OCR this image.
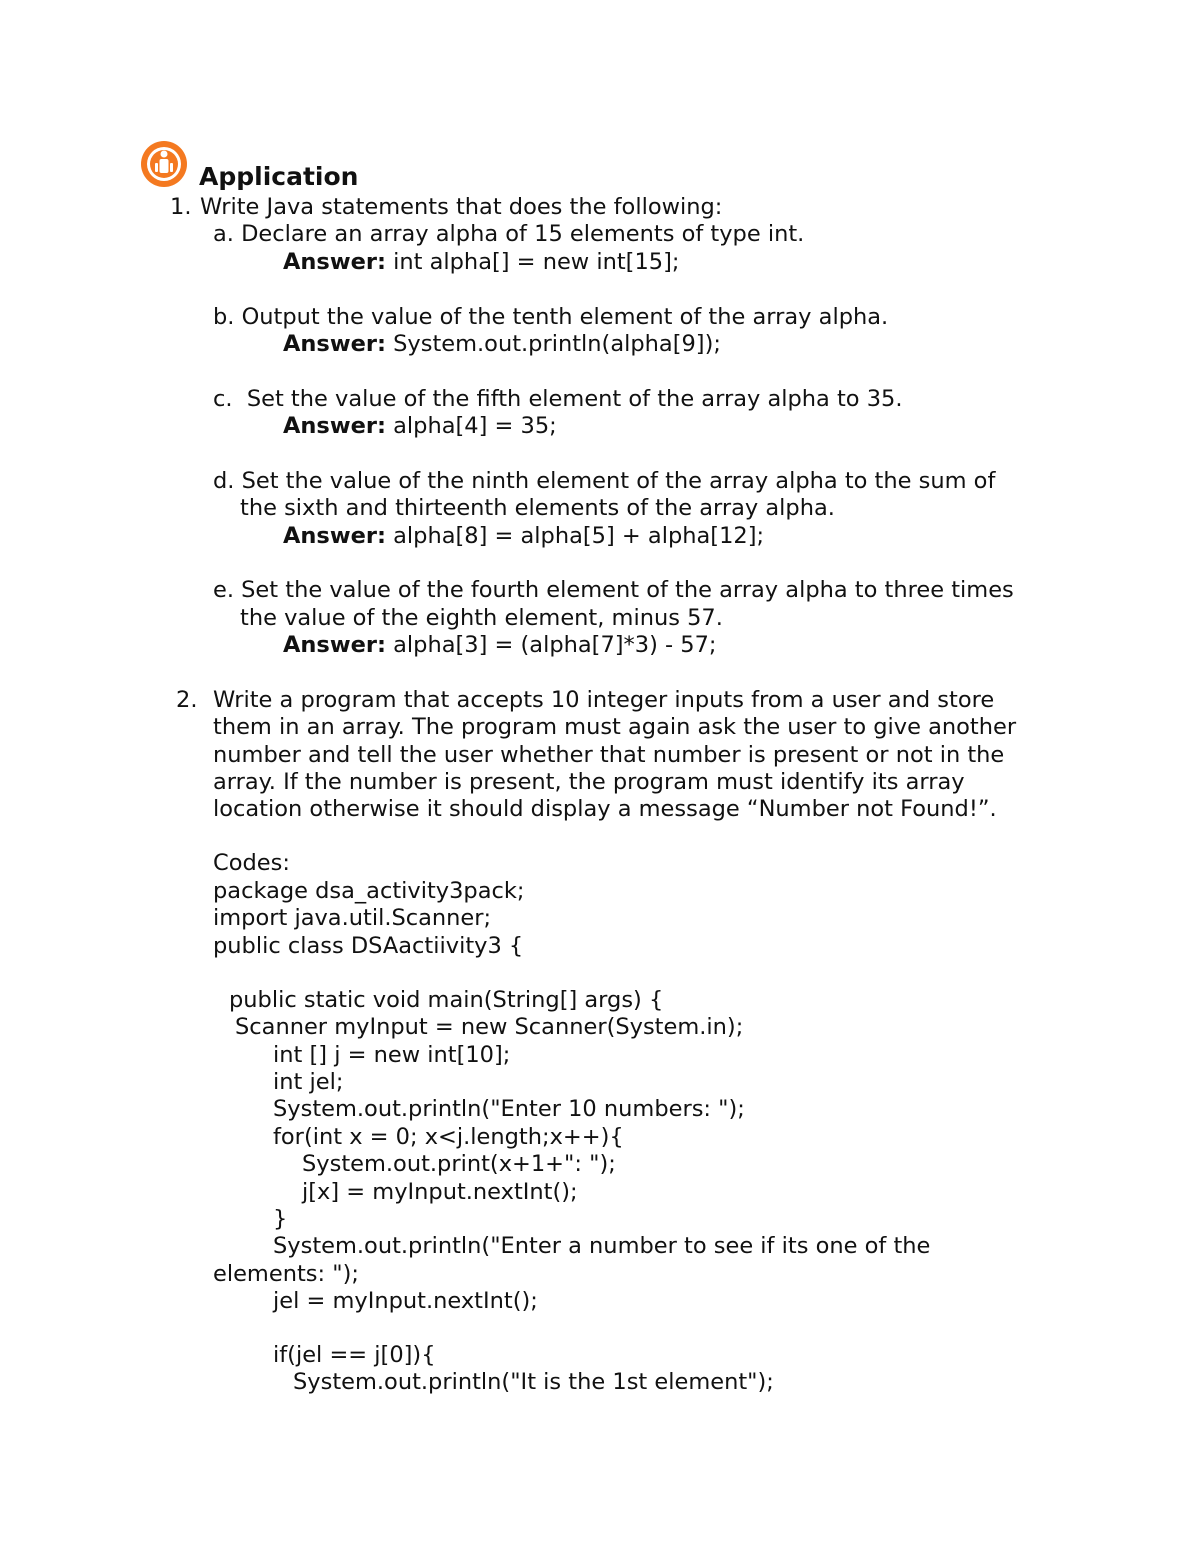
Application
1. Write Java statements that does the following:
a. Declare an array alpha of 15 elements of type int.
Answer: int alpha[] = new int[15];
b. Output the value of the tenth element of the array alpha.
Answer: System.out.println(alpha[9]);
c.  Set the value of the fifth element of the array alpha to 35.
Answer: alpha[4] = 35;
d. Set the value of the ninth element of the array alpha to the sum of
the sixth and thirteenth elements of the array alpha.
Answer: alpha[8] = alpha[5] + alpha[12];
e. Set the value of the fourth element of the array alpha to three times
the value of the eighth element, minus 57.
Answer: alpha[3] = (alpha[7]*3) - 57;
2. Write a program that accepts 10 integer inputs from a user and store
them in an array. The program must again ask the user to give another
number and tell the user whether that number is present or not in the
array. If the number is present, the program must identify its array
location otherwise it should display a message “Number not Found!”.
Codes:
package dsa_activity3pack;
import java.util.Scanner;
public class DSAactiivity3 {
public static void main(String[] args) {
Scanner myInput = new Scanner(System.in);
int [] j = new int[10];
int jel;
System.out.println("Enter 10 numbers: ");
for(int x = 0; x<j.length;x++){
System.out.print(x+1+": ");
j[x] = myInput.nextInt();
}
System.out.println("Enter a number to see if its one of the
elements: ");
jel = myInput.nextInt();
if(jel == j[0]){
System.out.println("It is the 1st element");
